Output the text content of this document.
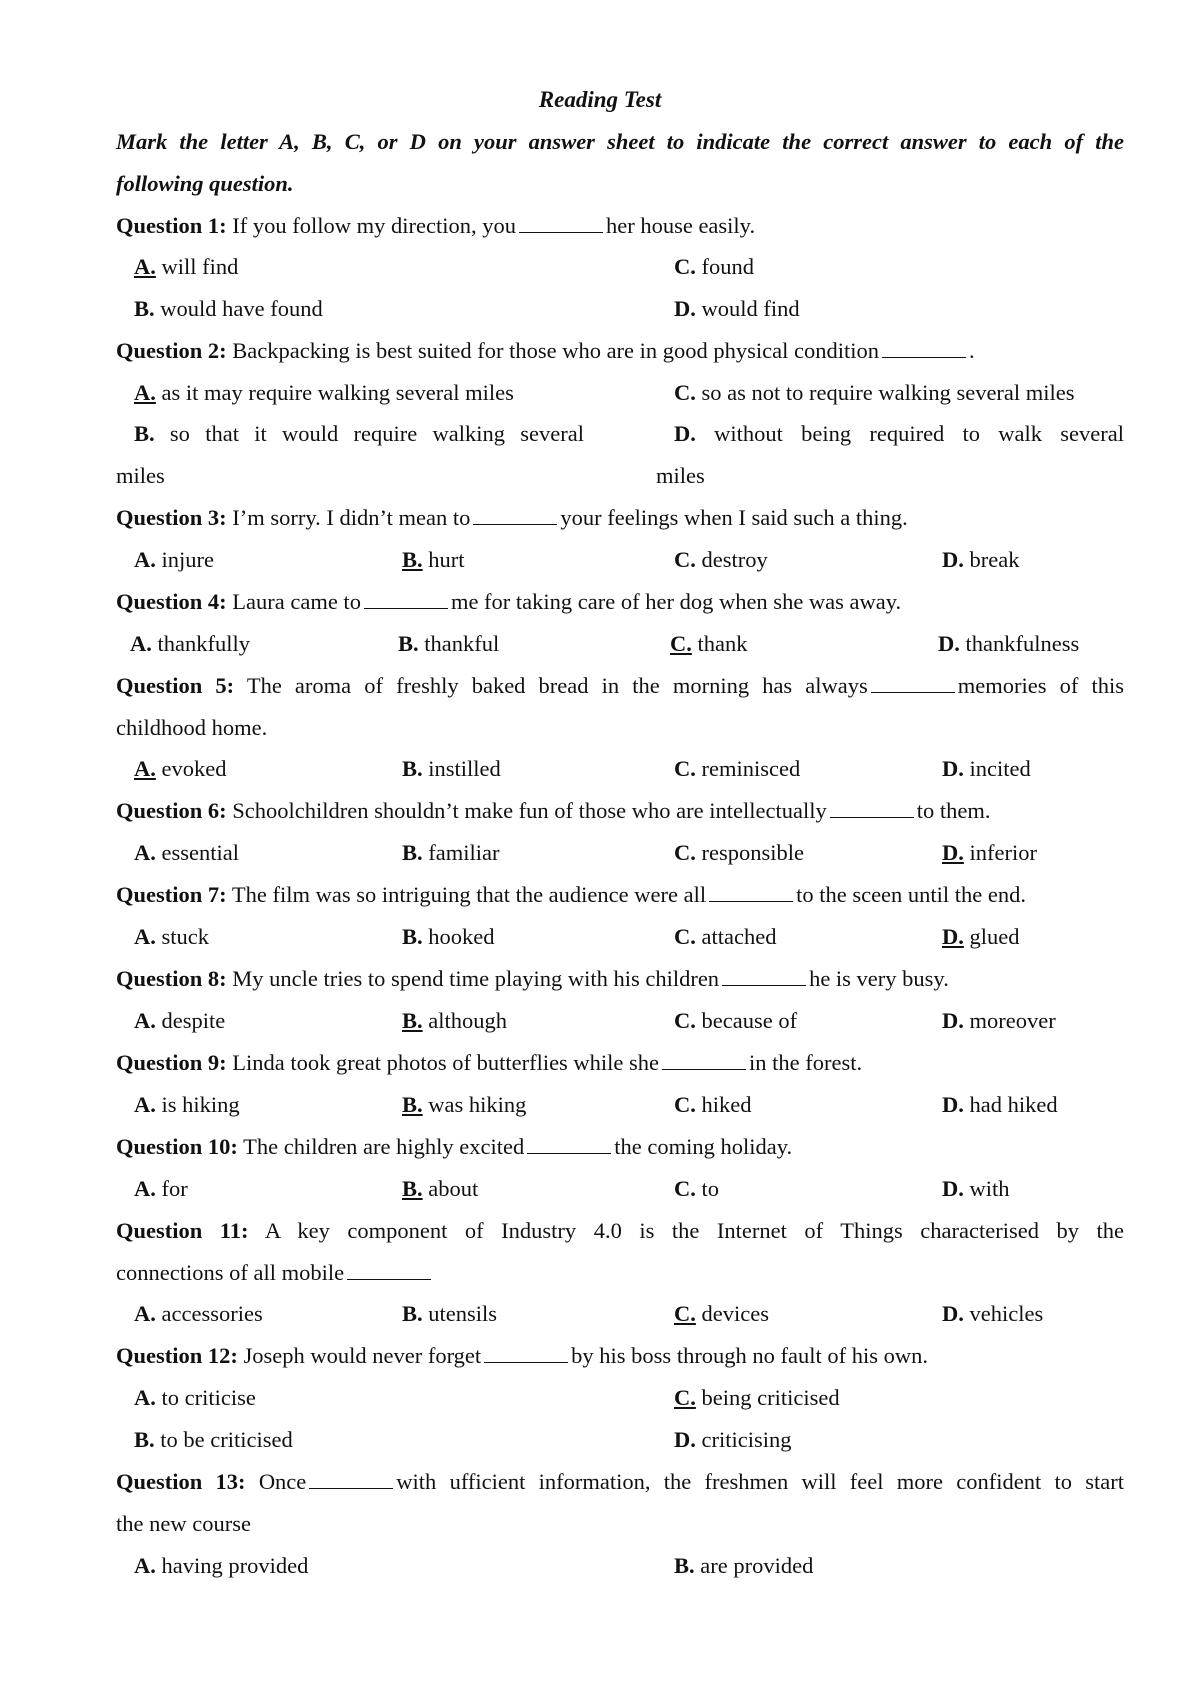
Reading Test
Mark the letter A, B, C, or D on your answer sheet to indicate the correct answer to each of the
following question.
Question 1: If you follow my direction, you	her house easily.
A. will find	C. found
B. would have found	D. would find
Question 2: Backpacking is best suited for those who are in good physical condition	.
A. as it may require walking several miles	C. so as not to require walking several miles
B. so that it would require walking several	D. without being required to walk several
miles	miles
Question 3: I’m sorry. I didn’t mean to	your feelings when I said such a thing.
A. injure	B. hurt	C. destroy	D. break
Question 4: Laura came to	me for taking care of her dog when she was away.
A. thankfully	B. thankful	C. thank	D. thankfulness
Question 5: The aroma of freshly baked bread in the morning has always	memories of this
childhood home.
A. evoked	B. instilled	C. reminisced	D. incited
Question 6: Schoolchildren shouldn’t make fun of those who are intellectually	to them.
A. essential	B. familiar	C. responsible	D. inferior
Question 7: The film was so intriguing that the audience were all	to the sceen until the end.
A. stuck	B. hooked	C. attached	D. glued
Question 8: My uncle tries to spend time playing with his children	he is very busy.
A. despite	B. although	C. because of	D. moreover
Question 9: Linda took great photos of butterflies while she	in the forest.
A. is hiking	B. was hiking	C. hiked	D. had hiked
Question 10: The children are highly excited	the coming holiday.
A. for	B. about	C. to	D. with
Question 11: A key component of Industry 4.0 is the Internet of Things characterised by the
connections of all mobile
A. accessories	B. utensils	C. devices	D. vehicles
Question 12: Joseph would never forget	by his boss through no fault of his own.
A. to criticise	C. being criticised
B. to be criticised	D. criticising
Question 13: Once	with ufficient information, the freshmen will feel more confident to start
the new course
A. having provided	B. are provided
